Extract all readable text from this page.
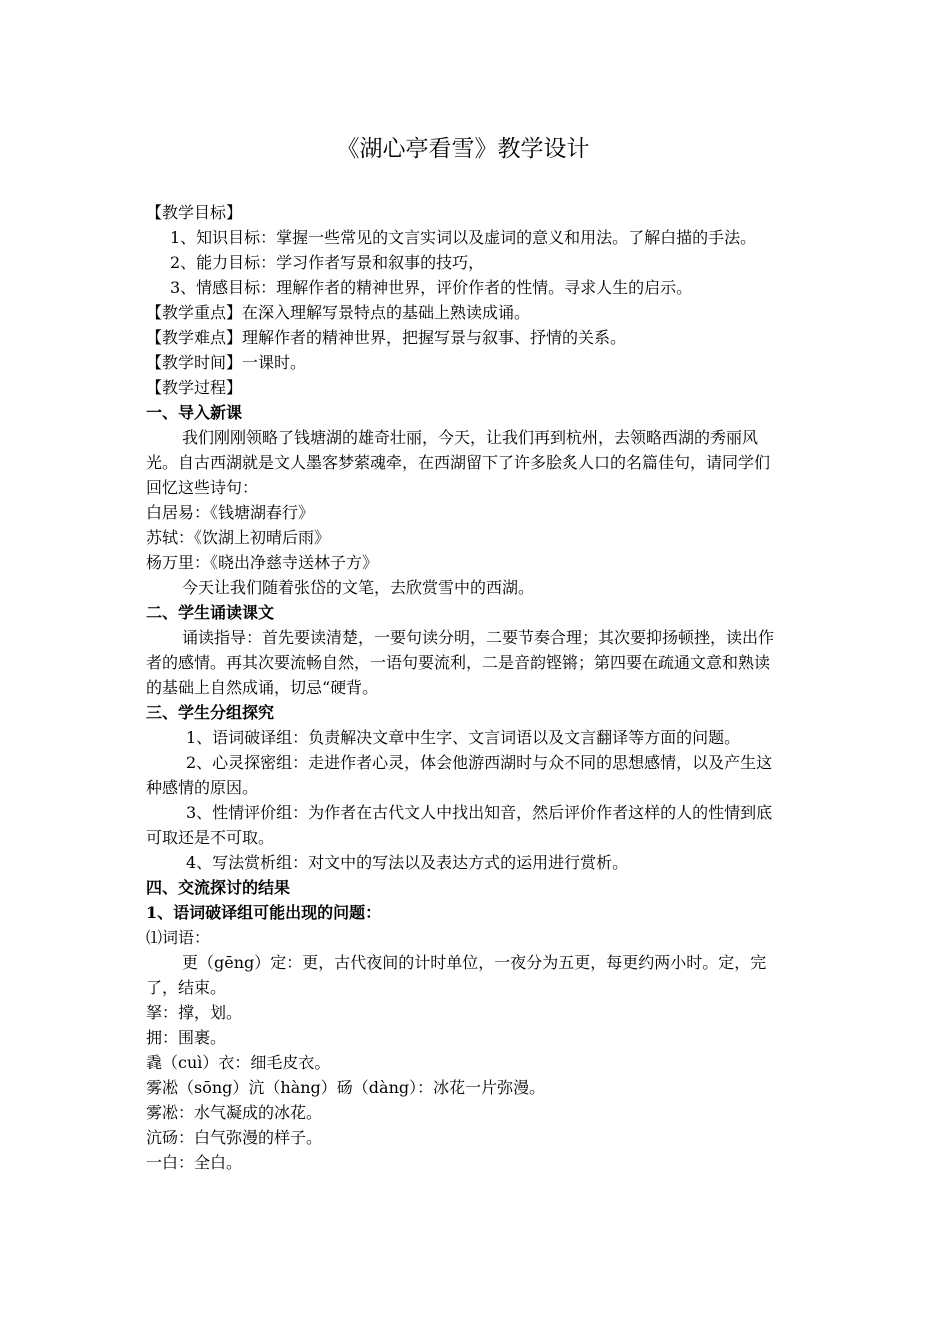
《湖心亭看雪》教学设计

【教学目标】

1、知识目标：掌握一些常见的文言实词以及虚词的意义和用法。了解白描的手法。

2、能力目标：学习作者写景和叙事的技巧，

3、情感目标：理解作者的精神世界，评价作者的性情。寻求人生的启示。

【教学重点】在深入理解写景特点的基础上熟读成诵。

【教学难点】理解作者的精神世界，把握写景与叙事、抒情的关系。

【教学时间】一课时。

【教学过程】

一、导入新课

我们刚刚领略了钱塘湖的雄奇壮丽，今天，让我们再到杭州，去领略西湖的秀丽风光。自古西湖就是文人墨客梦萦魂牵，在西湖留下了许多脍炙人口的名篇佳句，请同学们回忆这些诗句：

白居易：《钱塘湖春行》

苏轼：《饮湖上初晴后雨》

杨万里：《晓出净慈寺送林子方》

今天让我们随着张岱的文笔，去欣赏雪中的西湖。

二、学生诵读课文

诵读指导：首先要读清楚，一要句读分明，二要节奏合理；其次要抑扬顿挫，读出作者的感情。再其次要流畅自然，一语句要流利，二是音韵铿锵；第四要在疏通文意和熟读的基础上自然成诵，切忌“硬背。

三、学生分组探究

1、语词破译组：负责解决文章中生字、文言词语以及文言翻译等方面的问题。

2、心灵探密组：走进作者心灵，体会他游西湖时与众不同的思想感情，以及产生这种感情的原因。

3、性情评价组：为作者在古代文人中找出知音，然后评价作者这样的人的性情到底可取还是不可取。

4、写法赏析组：对文中的写法以及表达方式的运用进行赏析。

四、交流探讨的结果

1、语词破译组可能出现的问题：

⑴词语：

更（gēng）定：更，古代夜间的计时单位，一夜分为五更，每更约两小时。定，完了，结束。

拏：撑，划。

拥：围裹。

毳（cuì）衣：细毛皮衣。

雾凇（sōng）沆（hàng）砀（dàng）：冰花一片弥漫。

雾凇：水气凝成的冰花。

沆砀：白气弥漫的样子。

一白：全白。
